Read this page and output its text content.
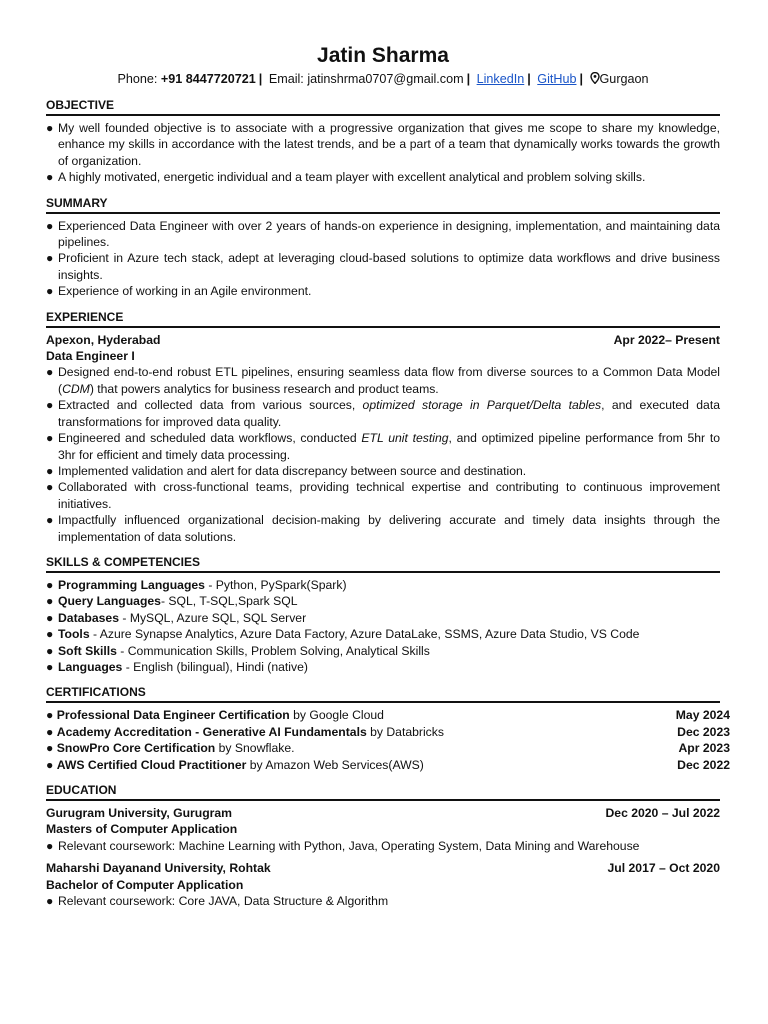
Jatin Sharma
Phone: +91 8447720721 | Email: jatinshrma0707@gmail.com | LinkedIn | GitHub | Gurgaon
OBJECTIVE
● My well founded objective is to associate with a progressive organization that gives me scope to share my knowledge, enhance my skills in accordance with the latest trends, and be a part of a team that dynamically works towards the growth of organization.
● A highly motivated, energetic individual and a team player with excellent analytical and problem solving skills.
SUMMARY
● Experienced Data Engineer with over 2 years of hands-on experience in designing, implementation, and maintaining data pipelines.
● Proficient in Azure tech stack, adept at leveraging cloud-based solutions to optimize data workflows and drive business insights.
● Experience of working in an Agile environment.
EXPERIENCE
Apexon, Hyderabad	Apr 2022– Present
Data Engineer I
● Designed end-to-end robust ETL pipelines, ensuring seamless data flow from diverse sources to a Common Data Model (CDM) that powers analytics for business research and product teams.
● Extracted and collected data from various sources, optimized storage in Parquet/Delta tables, and executed data transformations for improved data quality.
● Engineered and scheduled data workflows, conducted ETL unit testing, and optimized pipeline performance from 5hr to 3hr for efficient and timely data processing.
● Implemented validation and alert for data discrepancy between source and destination.
● Collaborated with cross-functional teams, providing technical expertise and contributing to continuous improvement initiatives.
● Impactfully influenced organizational decision-making by delivering accurate and timely data insights through the implementation of data solutions.
SKILLS & COMPETENCIES
● Programming Languages - Python, PySpark(Spark)
● Query Languages- SQL, T-SQL,Spark SQL
● Databases - MySQL, Azure SQL, SQL Server
● Tools - Azure Synapse Analytics, Azure Data Factory, Azure DataLake, SSMS, Azure Data Studio, VS Code
● Soft Skills - Communication Skills, Problem Solving, Analytical Skills
● Languages - English (bilingual), Hindi (native)
CERTIFICATIONS
● Professional Data Engineer Certification by Google Cloud	May 2024
● Academy Accreditation - Generative AI Fundamentals by Databricks	Dec 2023
● SnowPro Core Certification by Snowflake.	Apr 2023
● AWS Certified Cloud Practitioner by Amazon Web Services(AWS)	Dec 2022
EDUCATION
Gurugram University, Gurugram	Dec 2020 – Jul 2022
Masters of Computer Application
● Relevant coursework: Machine Learning with Python, Java, Operating System, Data Mining and Warehouse
Maharshi Dayanand University, Rohtak	Jul 2017 – Oct 2020
Bachelor of Computer Application
● Relevant coursework: Core JAVA, Data Structure & Algorithm
